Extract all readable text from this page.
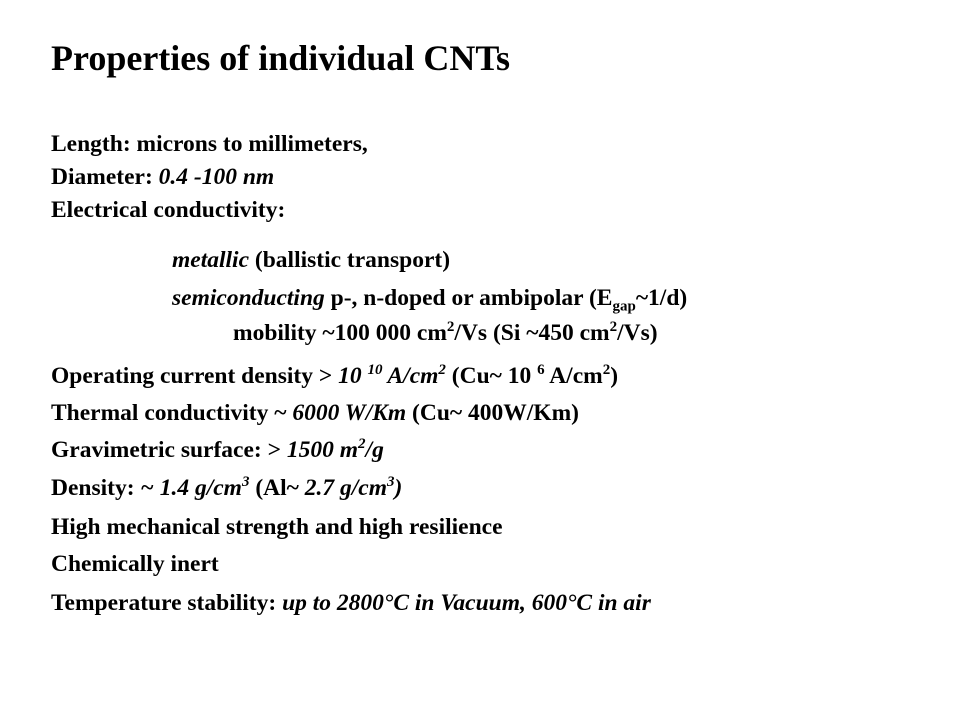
Properties of individual CNTs
Length: microns to millimeters,
Diameter: 0.4 -100 nm
Electrical conductivity:
metallic (ballistic transport)
semiconducting p-, n-doped or ambipolar $(E_{gap}\sim 1/d)$
mobility ~100 000 $cm^2/Vs$ (Si ~450 $cm^2/Vs$)
Operating current density > 10 $^{10}$ $A/cm^2$ (Cu~ 10 $^6$ $A/cm^2$)
Thermal conductivity ~ 6000 W/Km (Cu~ 400W/Km)
Gravimetric surface: > 1500 $m^2/g$
Density: ~ 1.4 $g/cm^3$ (Al~ 2.7 $g/cm^3$)
High mechanical strength and high resilience
Chemically inert
Temperature stability: up to 2800°C in Vacuum, 600°C in air
